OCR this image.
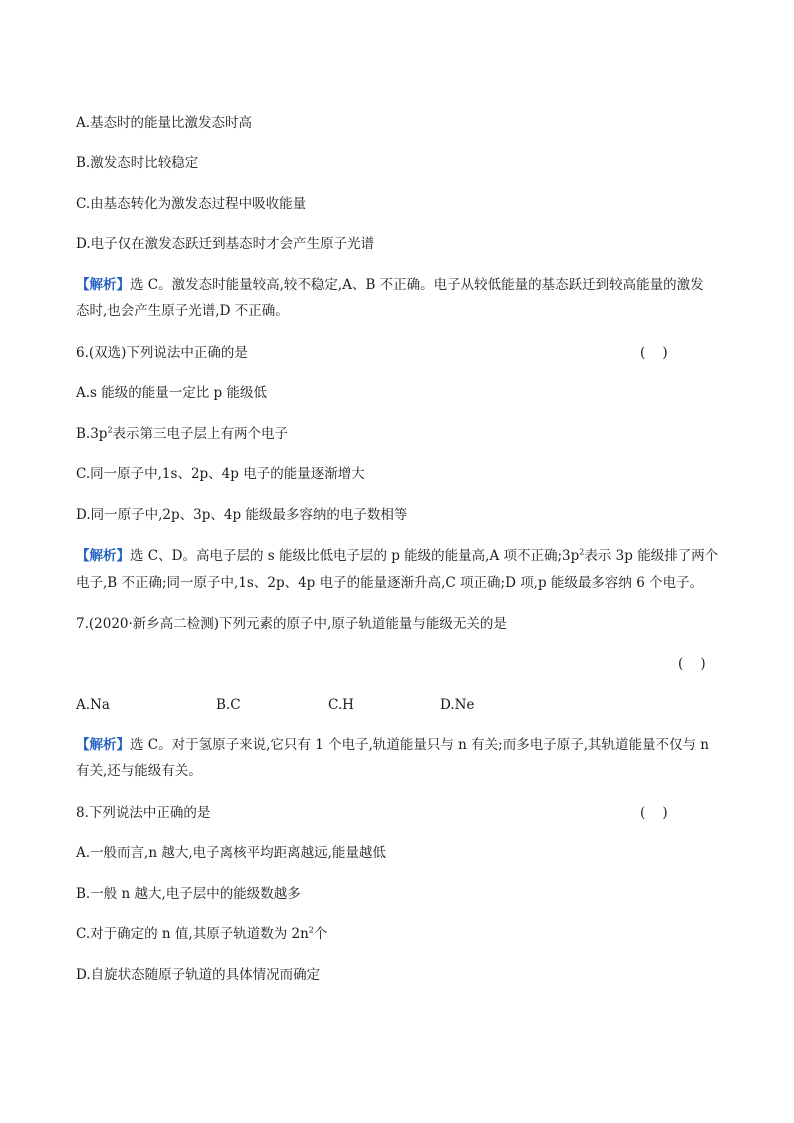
A.基态时的能量比激发态时高
B.激发态时比较稳定
C.由基态转化为激发态过程中吸收能量
D.电子仅在激发态跃迁到基态时才会产生原子光谱
【解析】选 C。激发态时能量较高,较不稳定,A、B 不正确。电子从较低能量的基态跃迁到较高能量的激发
态时,也会产生原子光谱,D 不正确。
6.(双选)下列说法中正确的是	(    )
A.s 能级的能量一定比 p 能级低
$B.3p^2$表示第三电子层上有两个电子
C.同一原子中,1s、2p、4p 电子的能量逐渐增大
D.同一原子中,2p、3p、4p 能级最多容纳的电子数相等
【解析】选 C、D。高电子层的 s 能级比低电子层的 p 能级的能量高,A 项不正确$;3p^2$表示 3p 能级排了两个
电子,B 不正确;同一原子中,1s、2p、4p 电子的能量逐渐升高,C 项正确;D 项,p 能级最多容纳 6 个电子。
7.(2020·新乡高二检测)下列元素的原子中,原子轨道能量与能级无关的是
(    )
A.Na	B.C	C.H	D.Ne
【解析】选 C。对于氢原子来说,它只有 1 个电子,轨道能量只与 n 有关;而多电子原子,其轨道能量不仅与 n
有关,还与能级有关。
8.下列说法中正确的是	(    )
A.一般而言,n 越大,电子离核平均距离越远,能量越低
B.一般 n 越大,电子层中的能级数越多
C.对于确定的 n 值,其原子轨道数为 $2n^2$个
D.自旋状态随原子轨道的具体情况而确定
